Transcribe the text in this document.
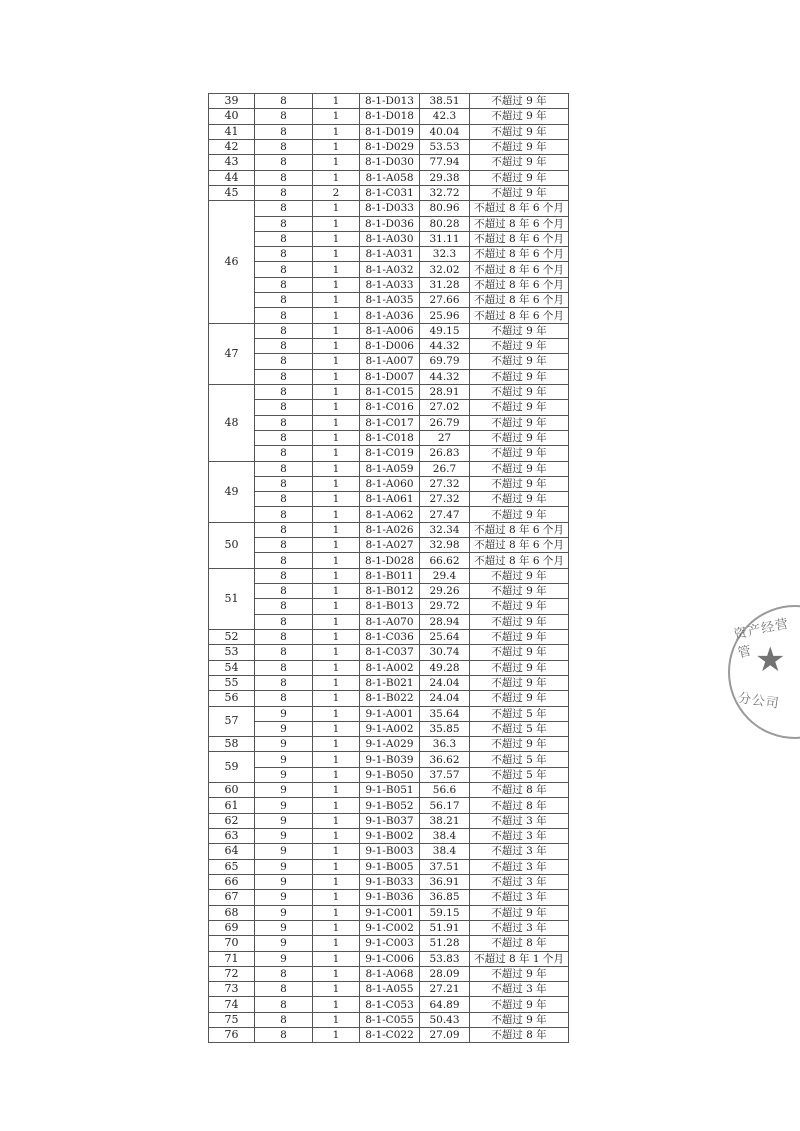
39	8	1	8-1-D013	38.51	不超过 9 年
40	8	1	8-1-D018	42.3	不超过 9 年
41	8	1	8-1-D019	40.04	不超过 9 年
42	8	1	8-1-D029	53.53	不超过 9 年
43	8	1	8-1-D030	77.94	不超过 9 年
44	8	1	8-1-A058	29.38	不超过 9 年
45	8	2	8-1-C031	32.72	不超过 9 年
46	8	1	8-1-D033	80.96	不超过 8 年 6 个月
	8	1	8-1-D036	80.28	不超过 8 年 6 个月
	8	1	8-1-A030	31.11	不超过 8 年 6 个月
	8	1	8-1-A031	32.3	不超过 8 年 6 个月
	8	1	8-1-A032	32.02	不超过 8 年 6 个月
	8	1	8-1-A033	31.28	不超过 8 年 6 个月
	8	1	8-1-A035	27.66	不超过 8 年 6 个月
	8	1	8-1-A036	25.96	不超过 8 年 6 个月
47	8	1	8-1-A006	49.15	不超过 9 年
	8	1	8-1-D006	44.32	不超过 9 年
	8	1	8-1-A007	69.79	不超过 9 年
	8	1	8-1-D007	44.32	不超过 9 年
48	8	1	8-1-C015	28.91	不超过 9 年
	8	1	8-1-C016	27.02	不超过 9 年
	8	1	8-1-C017	26.79	不超过 9 年
	8	1	8-1-C018	27	不超过 9 年
	8	1	8-1-C019	26.83	不超过 9 年
49	8	1	8-1-A059	26.7	不超过 9 年
	8	1	8-1-A060	27.32	不超过 9 年
	8	1	8-1-A061	27.32	不超过 9 年
	8	1	8-1-A062	27.47	不超过 9 年
50	8	1	8-1-A026	32.34	不超过 8 年 6 个月
	8	1	8-1-A027	32.98	不超过 8 年 6 个月
	8	1	8-1-D028	66.62	不超过 8 年 6 个月
51	8	1	8-1-B011	29.4	不超过 9 年
	8	1	8-1-B012	29.26	不超过 9 年
	8	1	8-1-B013	29.72	不超过 9 年
	8	1	8-1-A070	28.94	不超过 9 年
52	8	1	8-1-C036	25.64	不超过 9 年
53	8	1	8-1-C037	30.74	不超过 9 年
54	8	1	8-1-A002	49.28	不超过 9 年
55	8	1	8-1-B021	24.04	不超过 9 年
56	8	1	8-1-B022	24.04	不超过 9 年
57	9	1	9-1-A001	35.64	不超过 5 年
	9	1	9-1-A002	35.85	不超过 5 年
58	9	1	9-1-A029	36.3	不超过 9 年
59	9	1	9-1-B039	36.62	不超过 5 年
	9	1	9-1-B050	37.57	不超过 5 年
60	9	1	9-1-B051	56.6	不超过 8 年
61	9	1	9-1-B052	56.17	不超过 8 年
62	9	1	9-1-B037	38.21	不超过 3 年
63	9	1	9-1-B002	38.4	不超过 3 年
64	9	1	9-1-B003	38.4	不超过 3 年
65	9	1	9-1-B005	37.51	不超过 3 年
66	9	1	9-1-B033	36.91	不超过 3 年
67	9	1	9-1-B036	36.85	不超过 3 年
68	9	1	9-1-C001	59.15	不超过 9 年
69	9	1	9-1-C002	51.91	不超过 3 年
70	9	1	9-1-C003	51.28	不超过 8 年
71	9	1	9-1-C006	53.83	不超过 8 年 1 个月
72	8	1	8-1-A068	28.09	不超过 9 年
73	8	1	8-1-A055	27.21	不超过 3 年
74	8	1	8-1-C053	64.89	不超过 9 年
75	8	1	8-1-C055	50.43	不超过 9 年
76	8	1	8-1-C022	27.09	不超过 8 年
资产经营管 ★
分公司
